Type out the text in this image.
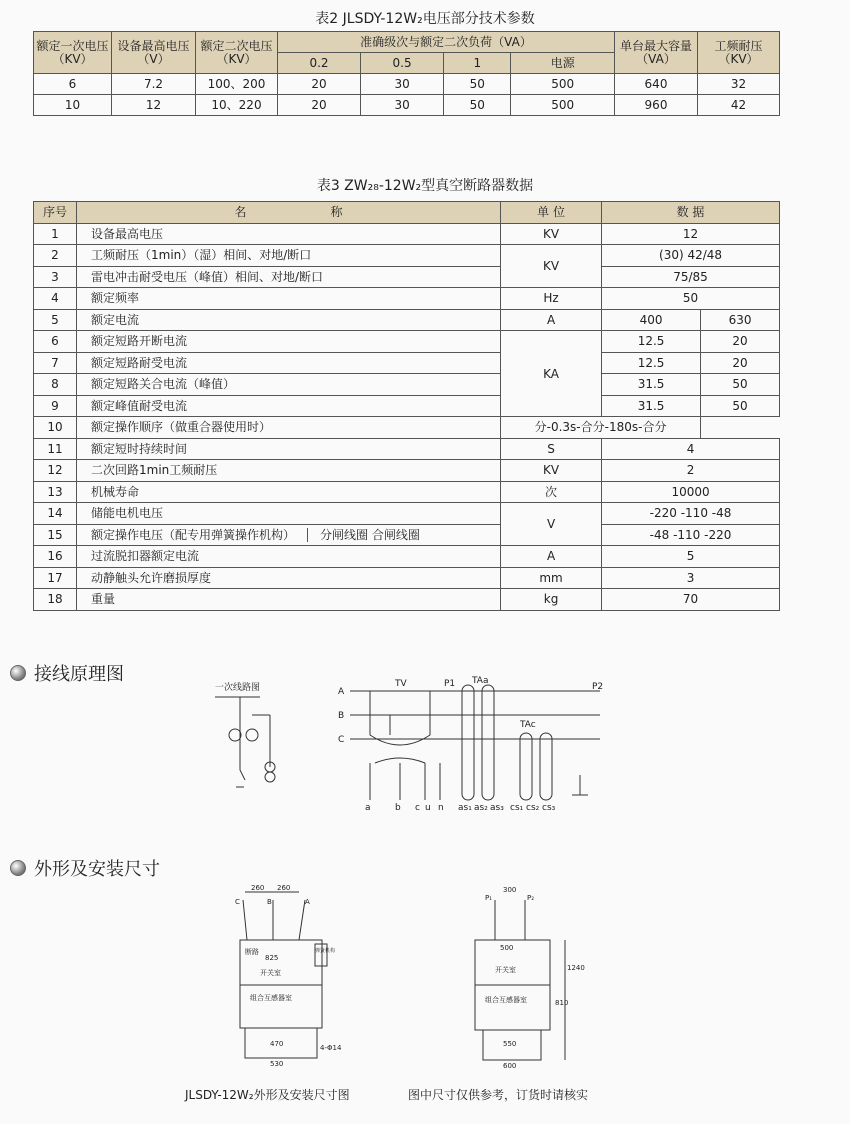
表2 JLSDY-12W₂电压部分技术参数
额定一次电压（KV）	设备最高电压（V）	额定二次电压（KV）	准确级次与额定二次负荷（VA）				单台最大容量（VA）	工频耐压（KV）
			0.2	0.5	1	电源		
6	7.2	100、200	20	30	50	500	640	32
10	12	10、220	20	30	50	500	960	42
表3 ZW₂₈-12W₂型真空断路器数据
序号	名　　　　　　　称	单 位	数 据	
1	设备最高电压	KV	12	
2	工频耐压（1min）（湿）相间、对地/断口	KV	(30) 42/48	
3	雷电冲击耐受电压（峰值）相间、对地/断口		75/85	
4	额定频率	Hz	50	
5	额定电流	A	400	630
6	额定短路开断电流	KA	12.5	20
7	额定短路耐受电流		12.5	20
8	额定短路关合电流（峰值）		31.5	50
9	额定峰值耐受电流		31.5	50
10	额定操作顺序（做重合器使用时）	分-0.3s-合分-180s-合分		
11	额定短时持续时间	S	4	
12	二次回路1min工频耐压	KV	2	
13	机械寿命	次	10000	
14	储能电机电压	V	-220 -110 -48	
15	额定操作电压（配专用弹簧操作机构） 分闸线圈 合闸线圈		-48 -110 -220	
16	过流脱扣器额定电流	A	5	
17	动静触头允许磨损厚度	mm	3	
18	重量	kg	70	
接线原理图
一次线路图	A
B
C
TV	P1 TAa
TAc
P2
a	b c u n as₁ as₂ as₃ cs₁ cs₂ cs₃
外形及安装尺寸
260 260
C	B	A
断路	弹簧机构
825
开关室
组合互感器室
470
530
4-Φ14
P₁	P₂
300
500
开关室
组合互感器室
1240
810
550
600
JLSDY-12W₂外形及安装尺寸图	图中尺寸仅供参考，订货时请核实
